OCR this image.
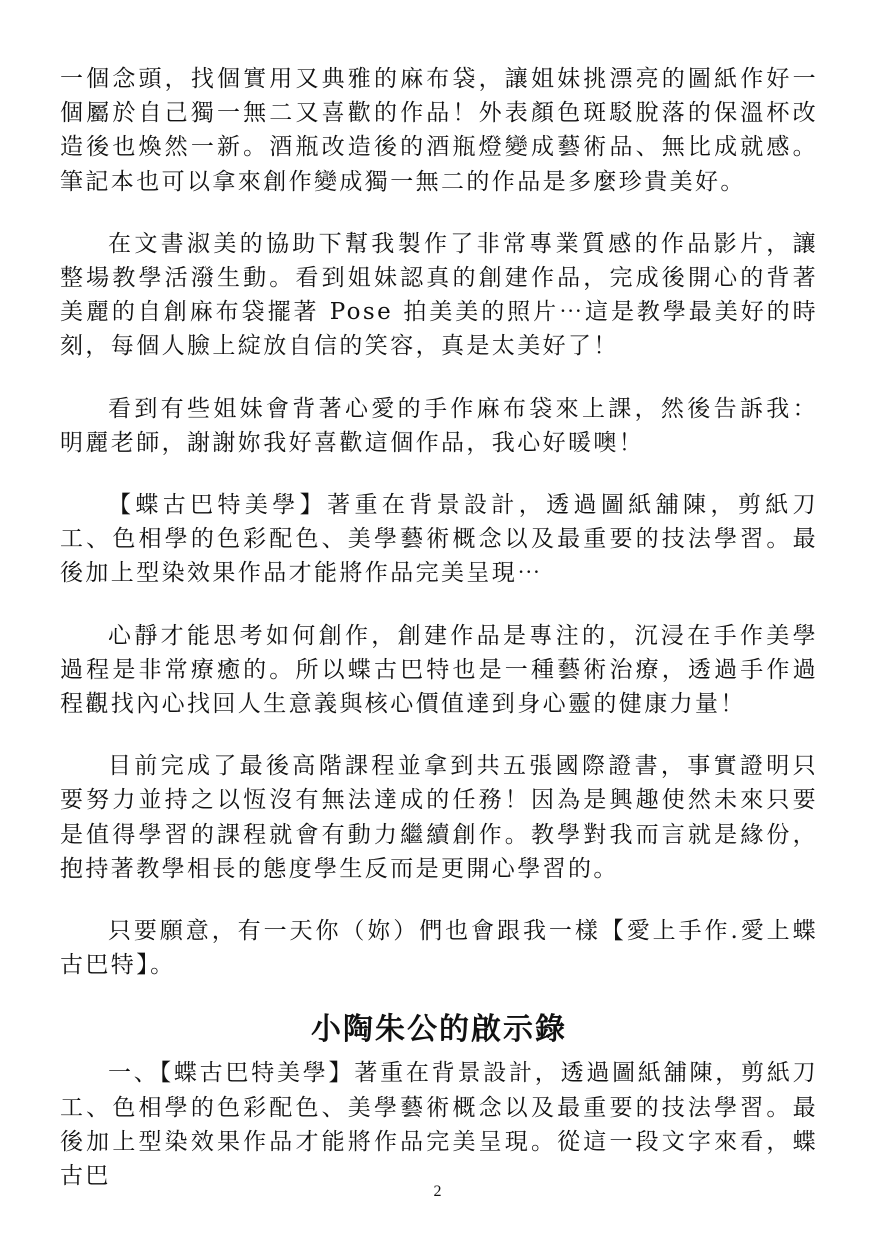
一個念頭，找個實用又典雅的麻布袋，讓姐妹挑漂亮的圖紙作好一個屬於自己獨一無二又喜歡的作品！外表顏色斑駁脫落的保溫杯改造後也煥然一新。酒瓶改造後的酒瓶燈變成藝術品、無比成就感。筆記本也可以拿來創作變成獨一無二的作品是多麼珍貴美好。

在文書淑美的協助下幫我製作了非常專業質感的作品影片，讓整場教學活潑生動。看到姐妹認真的創建作品，完成後開心的背著美麗的自創麻布袋擺著 Pose 拍美美的照片⋯這是教學最美好的時刻，每個人臉上綻放自信的笑容，真是太美好了！

看到有些姐妹會背著心愛的手作麻布袋來上課，然後告訴我：明麗老師，謝謝妳我好喜歡這個作品，我心好暖噢！

【蝶古巴特美學】著重在背景設計，透過圖紙舖陳，剪紙刀工、色相學的色彩配色、美學藝術概念以及最重要的技法學習。最後加上型染效果作品才能將作品完美呈現⋯

心靜才能思考如何創作，創建作品是專注的，沉浸在手作美學過程是非常療癒的。所以蝶古巴特也是一種藝術治療，透過手作過程觀找內心找回人生意義與核心價值達到身心靈的健康力量！

目前完成了最後高階課程並拿到共五張國際證書，事實證明只要努力並持之以恆沒有無法達成的任務！因為是興趣使然未來只要是值得學習的課程就會有動力繼續創作。教學對我而言就是緣份，抱持著教學相長的態度學生反而是更開心學習的。

只要願意，有一天你（妳）們也會跟我一樣【愛上手作.愛上蝶古巴特】。

小陶朱公的啟示錄

一、【蝶古巴特美學】著重在背景設計，透過圖紙舖陳，剪紙刀工、色相學的色彩配色、美學藝術概念以及最重要的技法學習。最後加上型染效果作品才能將作品完美呈現。從這一段文字來看，蝶古巴

2
